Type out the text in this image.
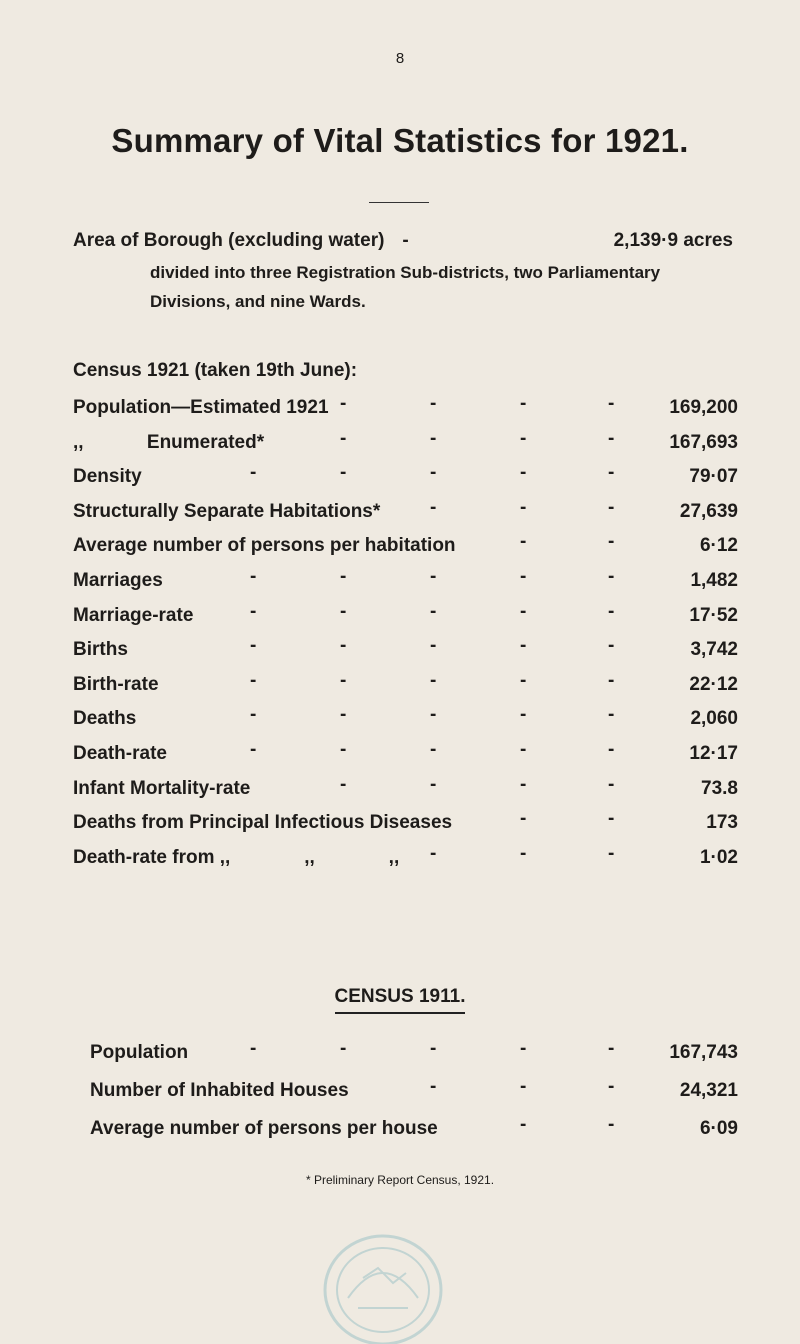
8
Summary of Vital Statistics for 1921.
Area of Borough (excluding water) -	2,139·9 acres
divided into three Registration Sub-districts, two Parliamentary Divisions, and nine Wards.
Census 1921 (taken 19th June):
Population—Estimated 1921 -	-	-	-	169,200
,,            Enumerated*	-	-	-	-	167,693
Density	-	-	-	-	-	79·07
Structurally Separate Habitations*	-	-	-	27,639
Average number of persons per habitation	-	-	6·12
Marriages	-	-	-	-	-	1,482
Marriage-rate	-	-	-	-	-	17·52
Births	-	-	-	-	-	3,742
Birth-rate	-	-	-	-	-	22·12
Deaths	-	-	-	-	-	2,060
Death-rate	-	-	-	-	-	12·17
Infant Mortality-rate	-	-	-	-	73.8
Deaths from Principal Infectious Diseases	-	-	173
Death-rate from ,,              ,,              ,, -	-	-	1·02
CENSUS 1911.
Population	-	-	-	-	-	167,743
Number of Inhabited Houses	-	-	-	24,321
Average number of persons per house	-	-	6·09
* Preliminary Report Census, 1921.
